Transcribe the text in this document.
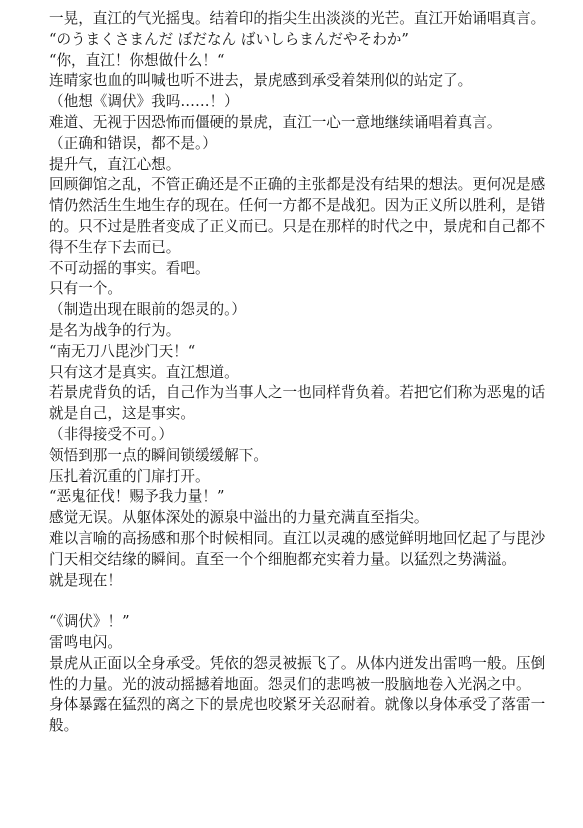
一晃，直江的气光摇曳。结着印的指尖生出淡淡的光芒。直江开始诵唱真言。

“のうまくさまんだ ぼだなん ばいしらまんだやそわか”

“你，直江！你想做什么！“

连晴家也血的叫喊也听不进去，景虎感到承受着桀刑似的站定了。

（他想《调伏》我吗……！）

难道、无视于因恐怖而僵硬的景虎，直江一心一意地继续诵唱着真言。

（正确和错误，都不是。）

提升气，直江心想。

回顾御馆之乱，不管正确还是不正确的主张都是没有结果的想法。更何况是感情仍然活生生地生存的现在。任何一方都不是战犯。因为正义所以胜利，是错的。只不过是胜者变成了正义而已。只是在那样的时代之中，景虎和自己都不得不生存下去而已。

不可动摇的事实。看吧。

只有一个。

（制造出现在眼前的怨灵的。）

是名为战争的行为。

“南无刀八毘沙门天！“

只有这才是真实。直江想道。

若景虎背负的话，自己作为当事人之一也同样背负着。若把它们称为恶鬼的话就是自己，这是事实。

（非得接受不可。）

领悟到那一点的瞬间锁缓缓解下。

压扎着沉重的门扉打开。

“恶鬼征伐！赐予我力量！”

感觉无误。从躯体深处的源泉中溢出的力量充满直至指尖。

难以言喻的高扬感和那个时候相同。直江以灵魂的感觉鲜明地回忆起了与毘沙门天相交结缘的瞬间。直至一个个细胞都充实着力量。以猛烈之势满溢。

就是现在！

“《调伏》！”

雷鸣电闪。

景虎从正面以全身承受。凭依的怨灵被振飞了。从体内迸发出雷鸣一般。压倒性的力量。光的波动摇撼着地面。怨灵们的悲鸣被一股脑地卷入光涡之中。

身体暴露在猛烈的离之下的景虎也咬紧牙关忍耐着。就像以身体承受了落雷一般。
